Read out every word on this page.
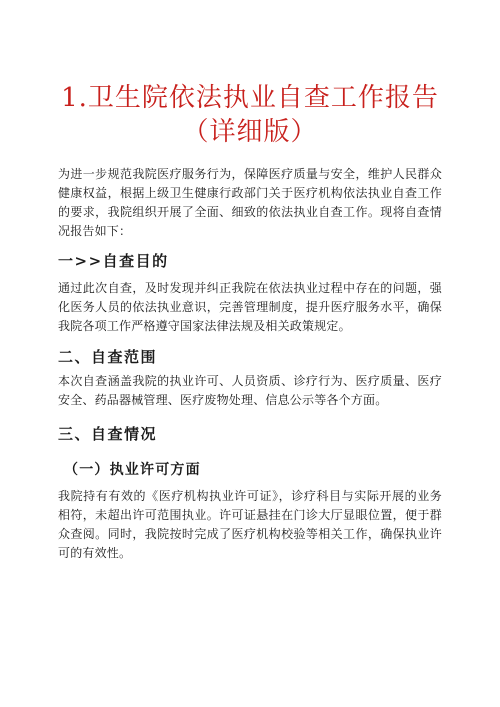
1.卫生院依法执业自查工作报告
（详细版）

为进一步规范我院医疗服务行为，保障医疗质量与安全，维护人民群众健康权益，根据上级卫生健康行政部门关于医疗机构依法执业自查工作的要求，我院组织开展了全面、细致的依法执业自查工作。现将自查情况报告如下：

一>>自查目的

通过此次自查，及时发现并纠正我院在依法执业过程中存在的问题，强化医务人员的依法执业意识，完善管理制度，提升医疗服务水平，确保我院各项工作严格遵守国家法律法规及相关政策规定。

二、自查范围

本次自查涵盖我院的执业许可、人员资质、诊疗行为、医疗质量、医疗安全、药品器械管理、医疗废物处理、信息公示等各个方面。

三、自查情况
（一）执业许可方面

我院持有有效的《医疗机构执业许可证》，诊疗科目与实际开展的业务相符，未超出许可范围执业。许可证悬挂在门诊大厅显眼位置，便于群众查阅。同时，我院按时完成了医疗机构校验等相关工作，确保执业许可的有效性。
